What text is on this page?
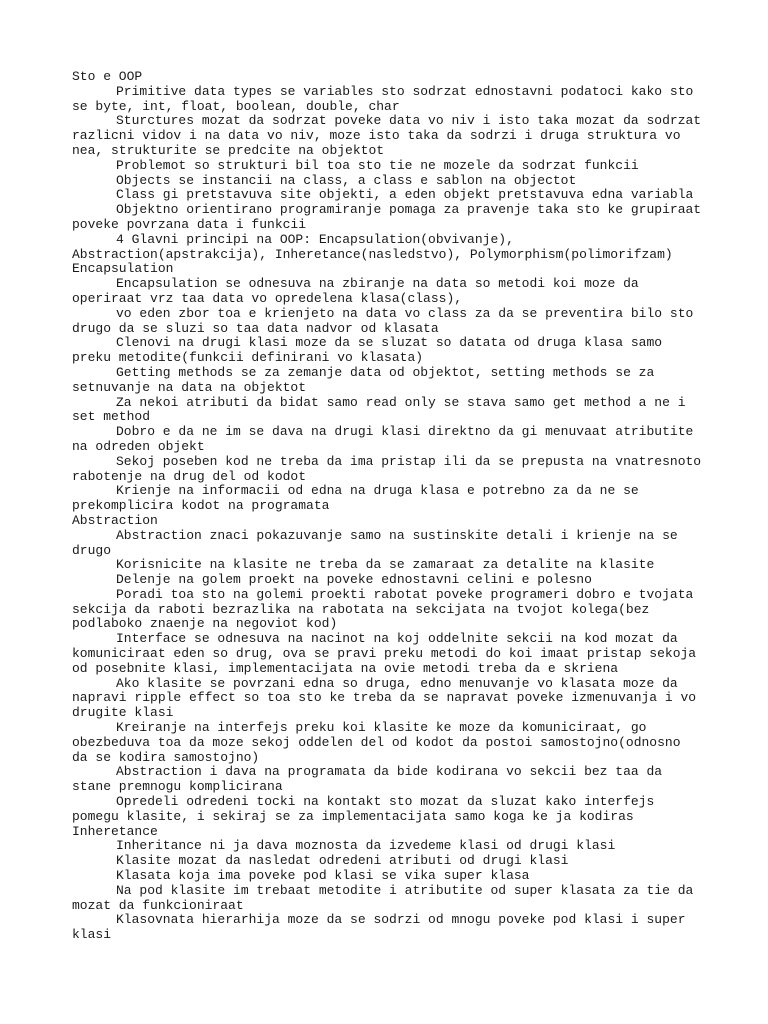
Sto e OOP

Primitive data types se variables sto sodrzat ednostavni podatoci kako sto se byte, int, float, boolean, double, char

Sturctures mozat da sodrzat poveke data vo niv i isto taka mozat da sodrzat razlicni vidov i na data vo niv, moze isto taka da sodrzi i druga struktura vo nea, strukturite se predcite na objektot

Problemot so strukturi bil toa sto tie ne mozele da sodrzat funkcii

Objects se instancii na class, a class e sablon na objectot

Class gi pretstavuva site objekti, a eden objekt pretstavuva edna variabla

Objektno orientirano programiranje pomaga za pravenje taka sto ke grupiraat poveke povrzana data i funkcii

4 Glavni principi na OOP: Encapsulation(obvivanje), Abstraction(apstrakcija), Inheretance(nasledstvo), Polymorphism(polimorifzam)

Encapsulation

Encapsulation se odnesuva na zbiranje na data so metodi koi moze da operiraat vrz taa data vo opredelena klasa(class),

vo eden zbor toa e krienjeto na data vo class za da se preventira bilo sto drugo da se sluzi so taa data nadvor od klasata

Clenovi na drugi klasi moze da se sluzat so datata od druga klasa samo preku metodite(funkcii definirani vo klasata)

Getting methods se za zemanje data od objektot, setting methods se za setnuvanje na data na objektot

Za nekoi atributi da bidat samo read only se stava samo get method a ne i set method

Dobro e da ne im se dava na drugi klasi direktno da gi menuvaat atributite na odreden objekt

Sekoj poseben kod ne treba da ima pristap ili da se prepusta na vnatresnoto rabotenje na drug del od kodot

Krienje na informacii od edna na druga klasa e potrebno za da ne se prekomplicira kodot na programata

Abstraction

Abstraction znaci pokazuvanje samo na sustinskite detali i krienje na se drugo

Korisnicite na klasite ne treba da se zamaraat za detalite na klasite

Delenje na golem proekt na poveke ednostavni celini e polesno

Poradi toa sto na golemi proekti rabotat poveke programeri dobro e tvojata sekcija da raboti bezrazlika na rabotata na sekcijata na tvojot kolega(bez podlaboko znaenje na negoviot kod)

Interface se odnesuva na nacinot na koj oddelnite sekcii na kod mozat da komuniciraat eden so drug, ova se pravi preku metodi do koi imaat pristap sekoja od posebnite klasi, implementacijata na ovie metodi treba da e skriena

Ako klasite se povrzani edna so druga, edno menuvanje vo klasata moze da napravi ripple effect so toa sto ke treba da se napravat poveke izmenuvanja i vo drugite klasi

Kreiranje na interfejs preku koi klasite ke moze da komuniciraat, go obezbeduva toa da moze sekoj oddelen del od kodot da postoi samostojno(odnosno da se kodira samostojno)

Abstraction i dava na programata da bide kodirana vo sekcii bez taa da stane premnogu komplicirana

Opredeli odredeni tocki na kontakt sto mozat da sluzat kako interfejs pomegu klasite, i sekiraj se za implementacijata samo koga ke ja kodiras

Inheretance

Inheritance ni ja dava moznosta da izvedeme klasi od drugi klasi

Klasite mozat da nasledat odredeni atributi od drugi klasi

Klasata koja ima poveke pod klasi se vika super klasa

Na pod klasite im trebaat metodite i atributite od super klasata za tie da mozat da funkcioniraat

Klasovnata hierarhija moze da se sodrzi od mnogu poveke pod klasi i super klasi
